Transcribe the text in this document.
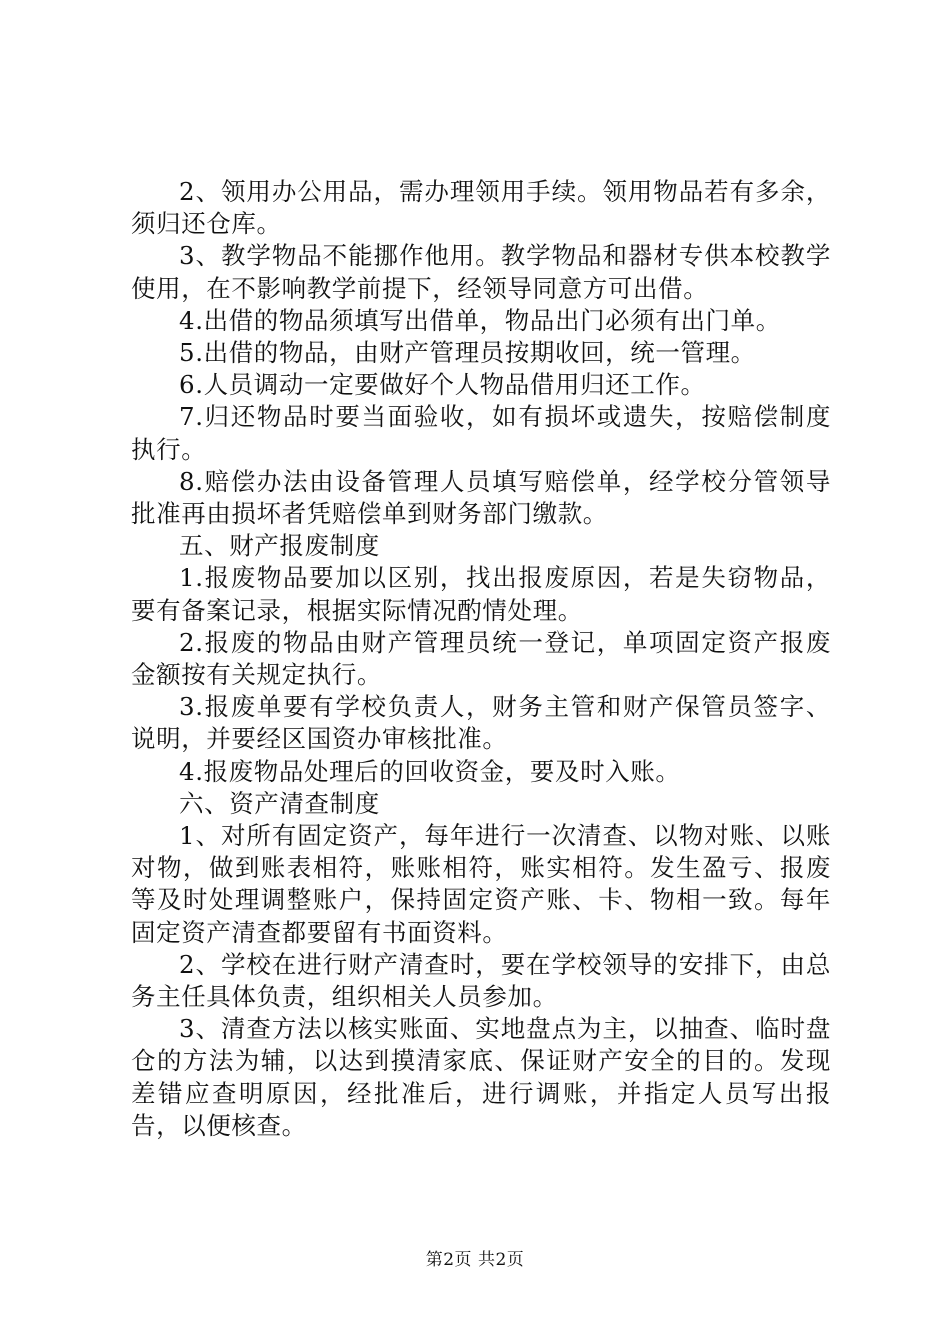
2、领用办公用品，需办理领用手续。领用物品若有多余，须归还仓库。

3、教学物品不能挪作他用。教学物品和器材专供本校教学使用，在不影响教学前提下，经领导同意方可出借。

4.出借的物品须填写出借单，物品出门必须有出门单。

5.出借的物品，由财产管理员按期收回，统一管理。

6.人员调动一定要做好个人物品借用归还工作。

7.归还物品时要当面验收，如有损坏或遗失，按赔偿制度执行。

8.赔偿办法由设备管理人员填写赔偿单，经学校分管领导批准再由损坏者凭赔偿单到财务部门缴款。

五、财产报废制度

1.报废物品要加以区别，找出报废原因，若是失窃物品，要有备案记录，根据实际情况酌情处理。

2.报废的物品由财产管理员统一登记，单项固定资产报废金额按有关规定执行。

3.报废单要有学校负责人，财务主管和财产保管员签字、说明，并要经区国资办审核批准。

4.报废物品处理后的回收资金，要及时入账。

六、资产清查制度

1、对所有固定资产，每年进行一次清查、以物对账、以账对物，做到账表相符，账账相符，账实相符。发生盈亏、报废等及时处理调整账户，保持固定资产账、卡、物相一致。每年固定资产清查都要留有书面资料。

2、学校在进行财产清查时，要在学校领导的安排下，由总务主任具体负责，组织相关人员参加。

3、清查方法以核实账面、实地盘点为主，以抽查、临时盘仓的方法为辅，以达到摸清家底、保证财产安全的目的。发现差错应查明原因，经批准后，进行调账，并指定人员写出报告，以便核查。

第2页 共2页
